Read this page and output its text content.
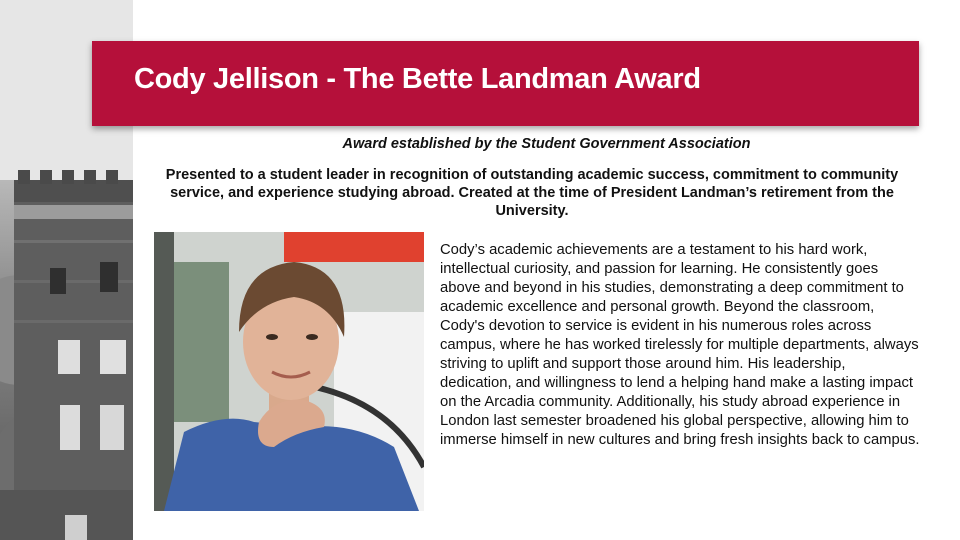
Cody Jellison - The Bette Landman Award
Award established by the Student Government Association
Presented to a student leader in recognition of outstanding academic success, commitment to community service, and experience studying abroad. Created at the time of President Landman’s retirement from the University.
Cody’s academic achievements are a testament to his hard work, intellectual curiosity, and passion for learning. He consistently goes above and beyond in his studies, demonstrating a deep commitment to academic excellence and personal growth. Beyond the classroom, Cody's devotion to service is evident in his numerous roles across campus, where he has worked tirelessly for multiple departments, always striving to uplift and support those around him. His leadership, dedication, and willingness to lend a helping hand make a lasting impact on the Arcadia community. Additionally, his study abroad experience in London last semester broadened his global perspective, allowing him to immerse himself in new cultures and bring fresh insights back to campus.
